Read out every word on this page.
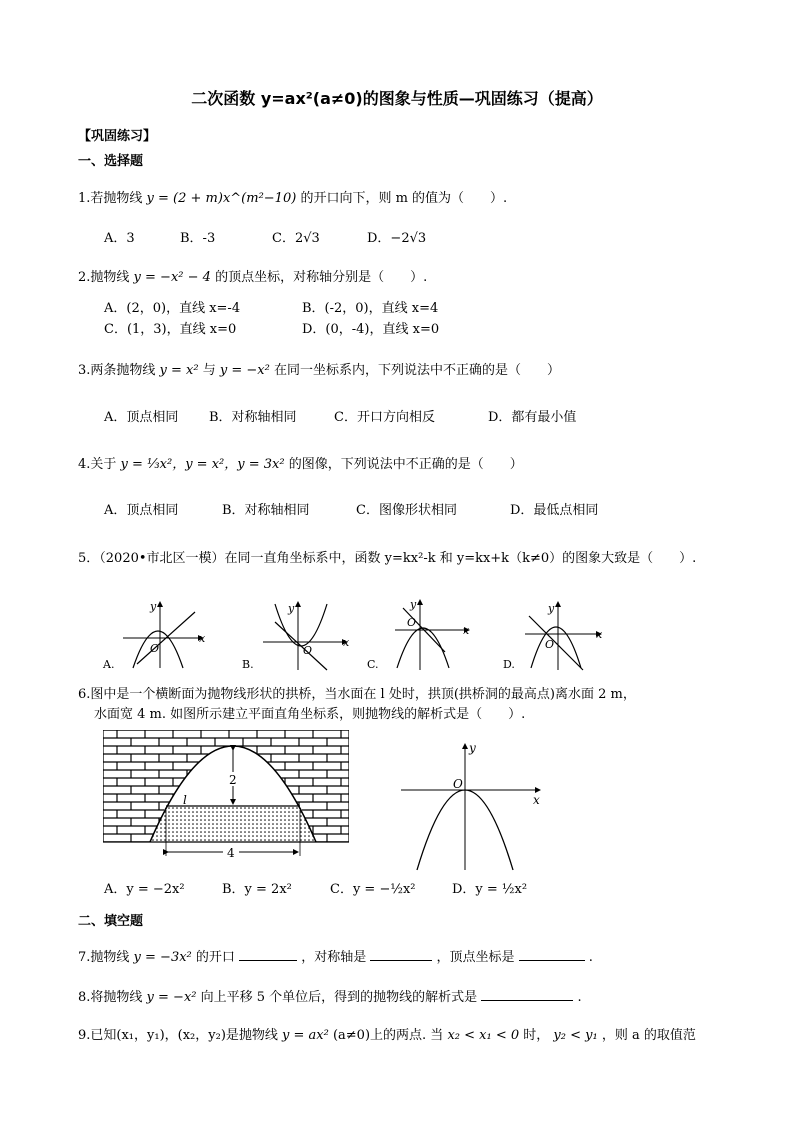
二次函数 y=ax²(a≠0)的图象与性质—巩固练习（提高）
【巩固练习】
一、选择题
1.若抛物线 y = (2 + m)x^(m²−10) 的开口向下，则 m 的值为（　　）.
A．3	B．-3	C．2√3	D．−2√3
2.抛物线 y = −x² − 4 的顶点坐标，对称轴分别是（　　）.
A．(2，0)，直线 x=-4	B．(-2，0)，直线 x=4
C．(1，3)，直线 x=0	D．(0，-4)，直线 x=0
3.两条抛物线 y = x² 与 y = −x² 在同一坐标系内，下列说法中不正确的是（　　）
A．顶点相同 B．对称轴相同	C．开口方向相反	D．都有最小值
4.关于 y = ⅓x²，y = x²，y = 3x² 的图像，下列说法中不正确的是（　　）
A．顶点相同	B．对称轴相同	C．图像形状相同	D．最低点相同
5．（2020•市北区一模）在同一直角坐标系中，函数 y=kx²-k 和 y=kx+k（k≠0）的图象大致是（　　）.
O
x
y
A.
O
x
y
B.
O
x
y
C.
O
x
y
D.
6.图中是一个横断面为抛物线形状的拱桥，当水面在 l 处时，拱顶(拱桥洞的最高点)离水面 2 m，
水面宽 4 m. 如图所示建立平面直角坐标系，则抛物线的解析式是（　　）.
2
l
4
O
x
y
A．y = −2x²	B．y = 2x²	C．y = −½x²	D．y = ½x²
二、填空题
7.抛物线 y = −3x² 的开口	，对称轴是	，顶点坐标是	.
8.将抛物线 y = −x² 向上平移 5 个单位后，得到的抛物线的解析式是	.
9.已知(x₁，y₁)，(x₂，y₂)是抛物线 y = ax² (a≠0)上的两点. 当 x₂ < x₁ < 0 时， y₂ < y₁ ，则 a 的取值范
